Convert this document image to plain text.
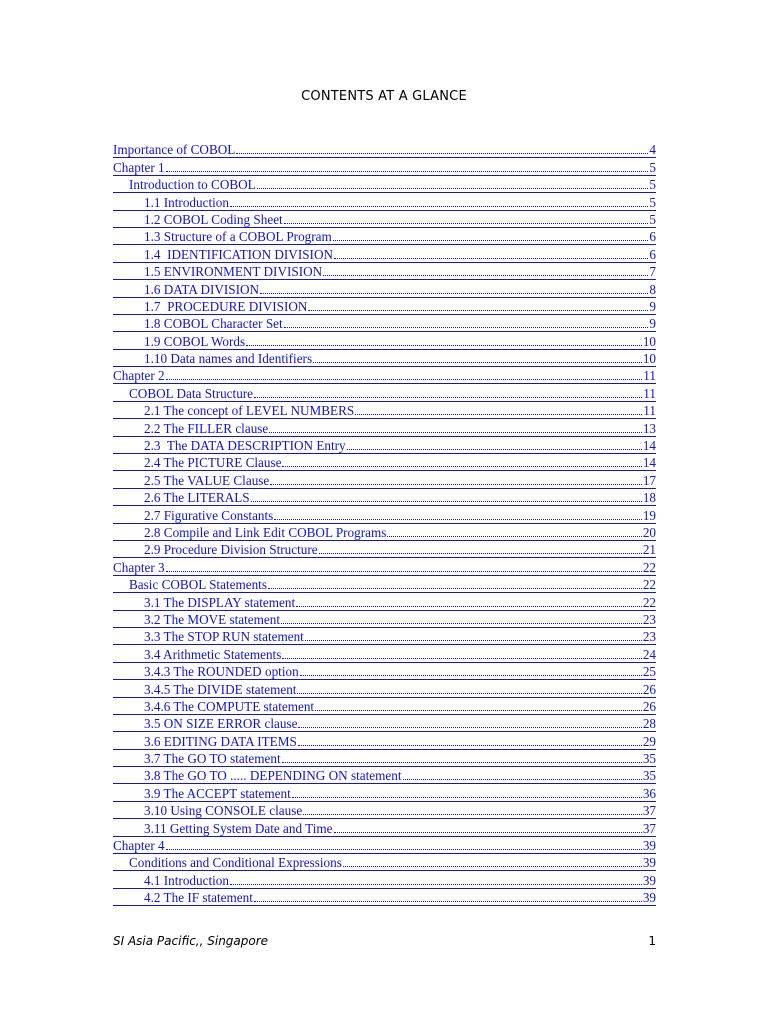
CONTENTS AT A GLANCE
Importance of COBOL	4
Chapter 1	5
Introduction to COBOL	5
1.1 Introduction	5
1.2 COBOL Coding Sheet	5
1.3 Structure of a COBOL Program	6
1.4  IDENTIFICATION DIVISION	6
1.5 ENVIRONMENT DIVISION	7
1.6 DATA DIVISION	8
1.7  PROCEDURE DIVISION	9
1.8 COBOL Character Set	9
1.9 COBOL Words	10
1.10 Data names and Identifiers	10
Chapter 2	11
COBOL Data Structure	11
2.1 The concept of LEVEL NUMBERS	11
2.2 The FILLER clause	13
2.3  The DATA DESCRIPTION Entry	14
2.4 The PICTURE Clause	14
2.5 The VALUE Clause	17
2.6 The LITERALS	18
2.7 Figurative Constants	19
2.8 Compile and Link Edit COBOL Programs	20
2.9 Procedure Division Structure	21
Chapter 3	22
Basic COBOL Statements	22
3.1 The DISPLAY statement	22
3.2 The MOVE statement	23
3.3 The STOP RUN statement	23
3.4 Arithmetic Statements	24
3.4.3 The ROUNDED option	25
3.4.5 The DIVIDE statement	26
3.4.6 The COMPUTE statement	26
3.5 ON SIZE ERROR clause	28
3.6 EDITING DATA ITEMS	29
3.7 The GO TO statement	35
3.8 The GO TO ..... DEPENDING ON statement	35
3.9 The ACCEPT statement	36
3.10 Using CONSOLE clause	37
3.11 Getting System Date and Time	37
Chapter 4	39
Conditions and Conditional Expressions	39
4.1 Introduction	39
4.2 The IF statement	39
SI Asia Pacific,, Singapore	1
